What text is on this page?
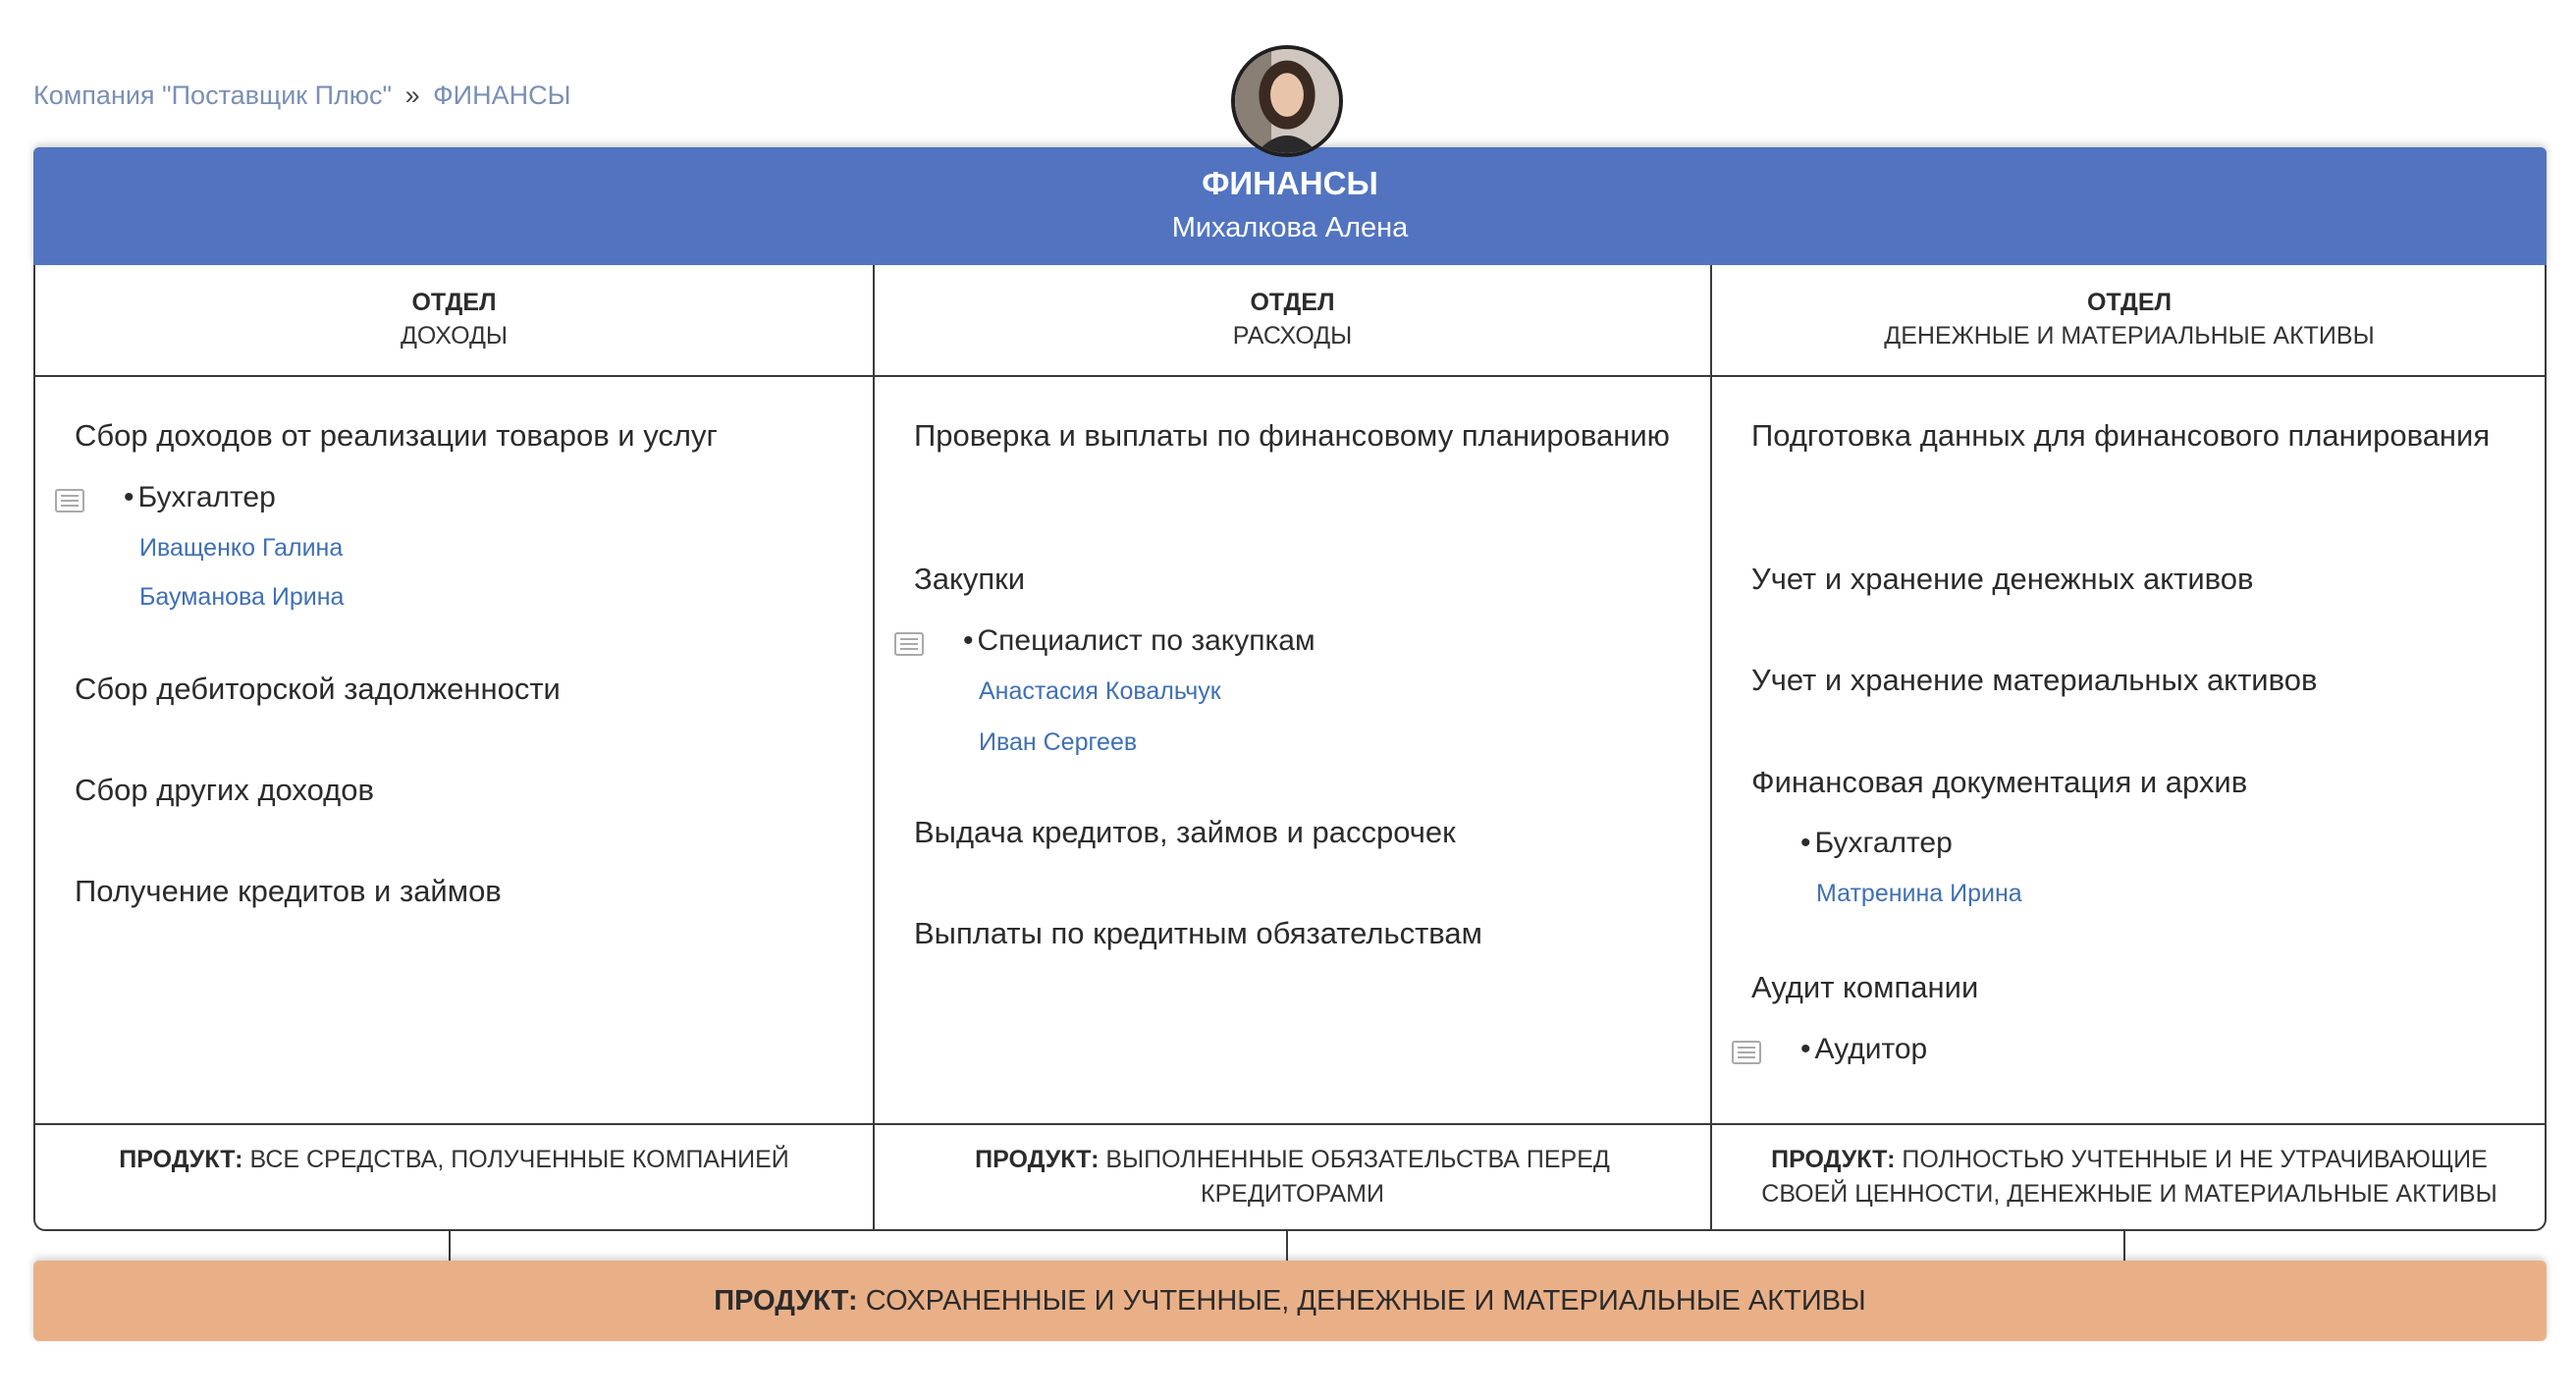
Компания "Поставщик Плюс" » ФИНАНСЫ
ФИНАНСЫ
Михалкова Алена
ОТДЕЛ
ДОХОДЫ
Сбор доходов от реализации товаров и услуг
• Бухгалтер
Иващенко Галина
Бауманова Ирина
Сбор дебиторской задолженности
Сбор других доходов
Получение кредитов и займов
ПРОДУКТ: ВСЕ СРЕДСТВА, ПОЛУЧЕННЫЕ КОМПАНИЕЙ
ОТДЕЛ
РАСХОДЫ
Проверка и выплаты по финансовому планированию
Закупки
• Специалист по закупкам
Анастасия Ковальчук
Иван Сергеев
Выдача кредитов, займов и рассрочек
Выплаты по кредитным обязательствам
ПРОДУКТ: ВЫПОЛНЕННЫЕ ОБЯЗАТЕЛЬСТВА ПЕРЕД КРЕДИТОРАМИ
ОТДЕЛ
ДЕНЕЖНЫЕ И МАТЕРИАЛЬНЫЕ АКТИВЫ
Подготовка данных для финансового планирования
Учет и хранение денежных активов
Учет и хранение материальных активов
Финансовая документация и архив
• Бухгалтер
Матренина Ирина
Аудит компании
• Аудитор
ПРОДУКТ: ПОЛНОСТЬЮ УЧТЕННЫЕ И НЕ УТРАЧИВАЮЩИЕ СВОЕЙ ЦЕННОСТИ, ДЕНЕЖНЫЕ И МАТЕРИАЛЬНЫЕ АКТИВЫ
ПРОДУКТ: СОХРАНЕННЫЕ И УЧТЕННЫЕ, ДЕНЕЖНЫЕ И МАТЕРИАЛЬНЫЕ АКТИВЫ
